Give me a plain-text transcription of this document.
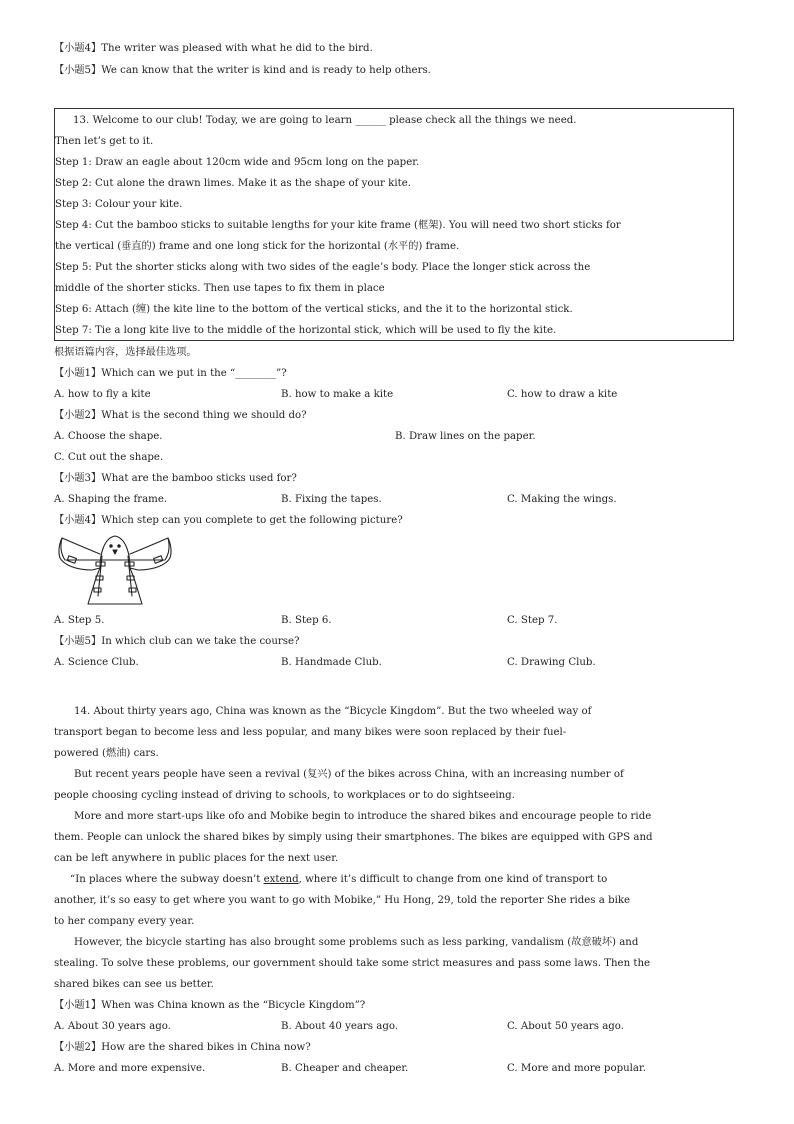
【小题4】The writer was pleased with what he did to the bird.
【小题5】We can know that the writer is kind and is ready to help others.
13. Welcome to our club! Today, we are going to learn ______ please check all the things we need.
Then let’s get to it.
Step 1: Draw an eagle about 120cm wide and 95cm long on the paper.
Step 2: Cut alone the drawn limes. Make it as the shape of your kite.
Step 3: Colour your kite.
Step 4: Cut the bamboo sticks to suitable lengths for your kite frame (框架). You will need two short sticks for
the vertical (垂直的) frame and one long stick for the horizontal (水平的) frame.
Step 5: Put the shorter sticks along with two sides of the eagle’s body. Place the longer stick across the
middle of the shorter sticks. Then use tapes to fix them in place
Step 6: Attach (缠) the kite line to the bottom of the vertical sticks, and the it to the horizontal stick.
Step 7: Tie a long kite live to the middle of the horizontal stick, which will be used to fly the kite.
根据语篇内容，选择最佳选项。
【小题1】Which can we put in the “________”?
A. how to fly a kite	B. how to make a kite	C. how to draw a kite
【小题2】What is the second thing we should do?
A. Choose the shape.	B. Draw lines on the paper.
C. Cut out the shape.
【小题3】What are the bamboo sticks used for?
A. Shaping the frame.	B. Fixing the tapes.	C. Making the wings.
【小题4】Which step can you complete to get the following picture?
A. Step 5.	B. Step 6.	C. Step 7.
【小题5】In which club can we take the course?
A. Science Club.	B. Handmade Club.	C. Drawing Club.
14. About thirty years ago, China was known as the “Bicycle Kingdom”. But the two wheeled way of
transport began to become less and less popular, and many bikes were soon replaced by their fuel-
powered (燃油) cars.
But recent years people have seen a revival (复兴) of the bikes across China, with an increasing number of
people choosing cycling instead of driving to schools, to workplaces or to do sightseeing.
More and more start-ups like ofo and Mobike begin to introduce the shared bikes and encourage people to ride
them. People can unlock the shared bikes by simply using their smartphones. The bikes are equipped with GPS and
can be left anywhere in public places for the next user.
“In places where the subway doesn’t extend, where it’s difficult to change from one kind of transport to
another, it’s so easy to get where you want to go with Mobike,” Hu Hong, 29, told the reporter She rides a bike
to her company every year.
However, the bicycle starting has also brought some problems such as less parking, vandalism (故意破坏) and
stealing. To solve these problems, our government should take some strict measures and pass some laws. Then the
shared bikes can see us better.
【小题1】When was China known as the “Bicycle Kingdom”?
A. About 30 years ago.	B. About 40 years ago.	C. About 50 years ago.
【小题2】How are the shared bikes in China now?
A. More and more expensive.	B. Cheaper and cheaper.	C. More and more popular.
